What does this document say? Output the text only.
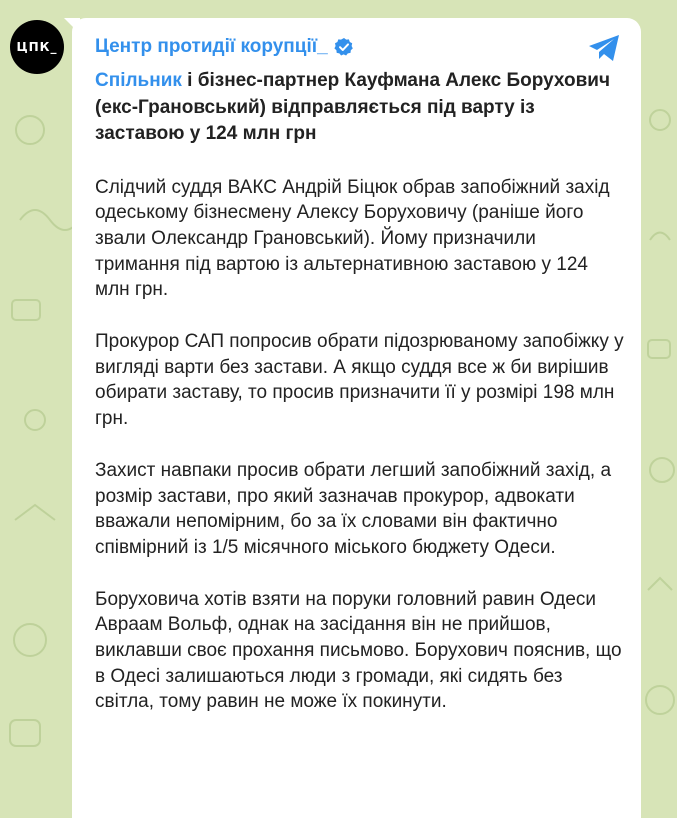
ЦПК_	Центр протидії корупції_
Спільник і бізнес-партнер Кауфмана Алекс Борухович (екс-Грановський) відправляється під варту із заставою у 124 млн грн
Слідчий суддя ВАКС Андрій Біцюк обрав запобіжний захід одеському бізнесмену Алексу Боруховичу (раніше його звали Олександр Грановський). Йому призначили тримання під вартою із альтернативною заставою у 124 млн грн.
Прокурор САП попросив обрати підозрюваному запобіжку у вигляді варти без застави. А якщо суддя все ж би вирішив обирати заставу, то просив призначити її у розмірі 198 млн грн.
Захист навпаки просив обрати легший запобіжний захід, а розмір застави, про який зазначав прокурор, адвокати вважали непомірним, бо за їх словами він фактично співмірний із 1/5 місячного міського бюджету Одеси.
Боруховича хотів взяти на поруки головний равин Одеси Авраам Вольф, однак на засідання він не прийшов, виклавши своє прохання письмово. Борухович пояснив, що в Одесі залишаються люди з громади, які сидять без світла, тому равин не може їх покинути.
